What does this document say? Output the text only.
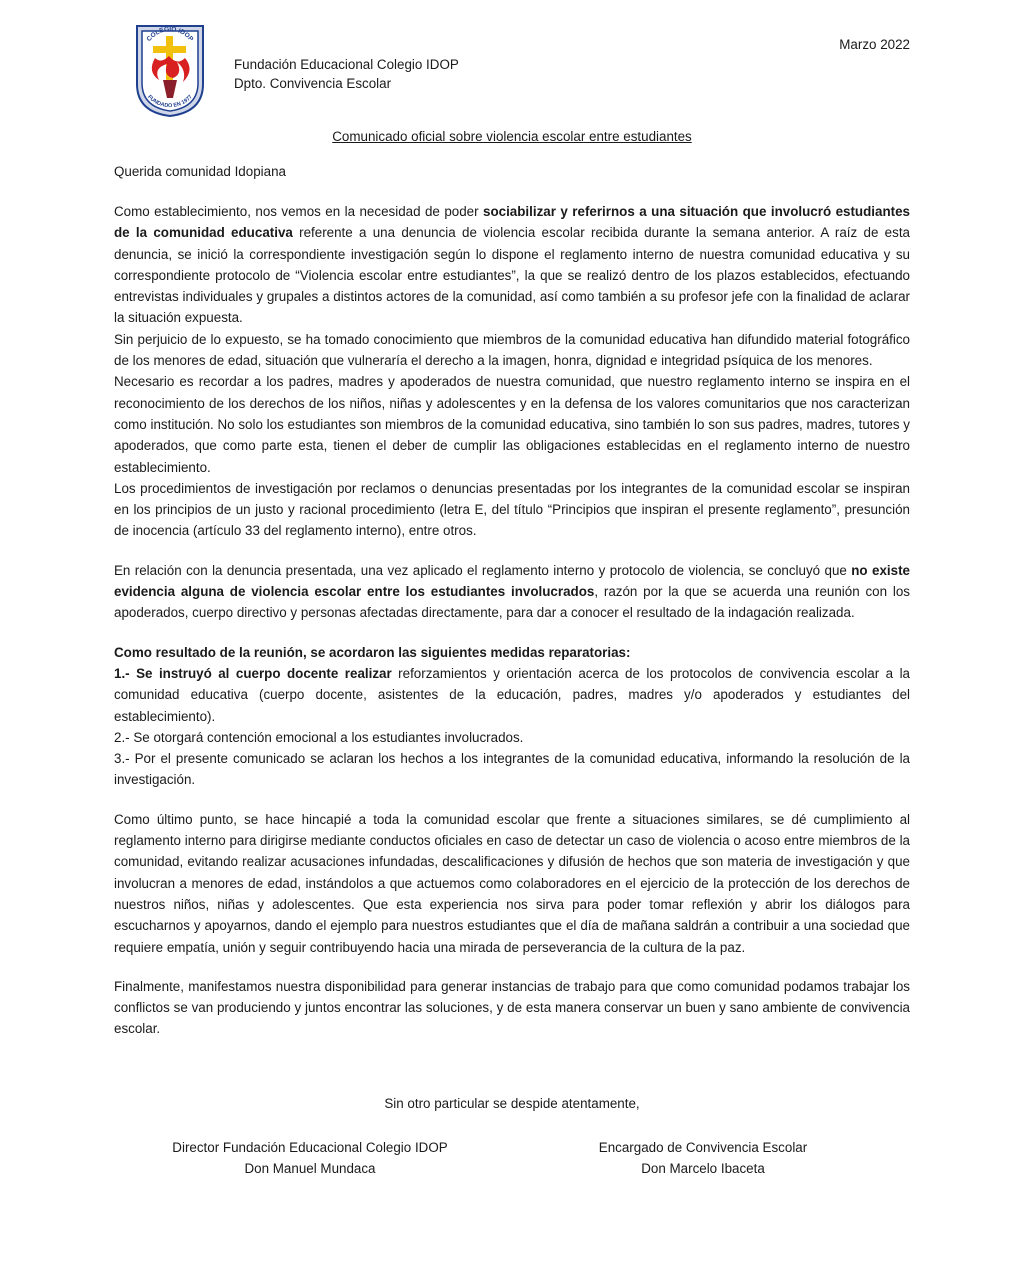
COLEGIO IDOP
FUNDADO EN 1977
Fundación Educacional Colegio IDOP
Dpto. Convivencia Escolar
Marzo 2022
Comunicado oficial sobre violencia escolar entre estudiantes

Querida comunidad Idopiana

Como establecimiento, nos vemos en la necesidad de poder sociabilizar y referirnos a una situación que involucró estudiantes de la comunidad educativa referente a una denuncia de violencia escolar recibida durante la semana anterior. A raíz de esta denuncia, se inició la correspondiente investigación según lo dispone el reglamento interno de nuestra comunidad educativa y su correspondiente protocolo de “Violencia escolar entre estudiantes”, la que se realizó dentro de los plazos establecidos, efectuando entrevistas individuales y grupales a distintos actores de la comunidad, así como también a su profesor jefe con la finalidad de aclarar la situación expuesta.

Sin perjuicio de lo expuesto, se ha tomado conocimiento que miembros de la comunidad educativa han difundido material fotográfico de los menores de edad, situación que vulneraría el derecho a la imagen, honra, dignidad e integridad psíquica de los menores.

Necesario es recordar a los padres, madres y apoderados de nuestra comunidad, que nuestro reglamento interno se inspira en el reconocimiento de los derechos de los niños, niñas y adolescentes y en la defensa de los valores comunitarios que nos caracterizan como institución. No solo los estudiantes son miembros de la comunidad educativa, sino también lo son sus padres, madres, tutores y apoderados, que como parte esta, tienen el deber de cumplir las obligaciones establecidas en el reglamento interno de nuestro establecimiento.

Los procedimientos de investigación por reclamos o denuncias presentadas por los integrantes de la comunidad escolar se inspiran en los principios de un justo y racional procedimiento (letra E, del título “Principios que inspiran el presente reglamento”, presunción de inocencia (artículo 33 del reglamento interno), entre otros.

En relación con la denuncia presentada, una vez aplicado el reglamento interno y protocolo de violencia, se concluyó que no existe evidencia alguna de violencia escolar entre los estudiantes involucrados, razón por la que se acuerda una reunión con los apoderados, cuerpo directivo y personas afectadas directamente, para dar a conocer el resultado de la indagación realizada.

Como resultado de la reunión, se acordaron las siguientes medidas reparatorias:

1.- Se instruyó al cuerpo docente realizar reforzamientos y orientación acerca de los protocolos de convivencia escolar a la comunidad educativa (cuerpo docente, asistentes de la educación, padres, madres y/o apoderados y estudiantes del establecimiento).

2.- Se otorgará contención emocional a los estudiantes involucrados.

3.- Por el presente comunicado se aclaran los hechos a los integrantes de la comunidad educativa, informando la resolución de la investigación.

Como último punto, se hace hincapié a toda la comunidad escolar que frente a situaciones similares, se dé cumplimiento al reglamento interno para dirigirse mediante conductos oficiales en caso de detectar un caso de violencia o acoso entre miembros de la comunidad, evitando realizar acusaciones infundadas, descalificaciones y difusión de hechos que son materia de investigación y que involucran a menores de edad, instándolos a que actuemos como colaboradores en el ejercicio de la protección de los derechos de nuestros niños, niñas y adolescentes. Que esta experiencia nos sirva para poder tomar reflexión y abrir los diálogos para escucharnos y apoyarnos, dando el ejemplo para nuestros estudiantes que el día de mañana saldrán a contribuir a una sociedad que requiere empatía, unión y seguir contribuyendo hacia una mirada de perseverancia de la cultura de la paz.

Finalmente, manifestamos nuestra disponibilidad para generar instancias de trabajo para que como comunidad podamos trabajar los conflictos se van produciendo y juntos encontrar las soluciones, y de esta manera conservar un buen y sano ambiente de convivencia escolar.

Sin otro particular se despide atentamente,
Director Fundación Educacional Colegio IDOP
Don Manuel Mundaca
Encargado de Convivencia Escolar
Don Marcelo Ibaceta
